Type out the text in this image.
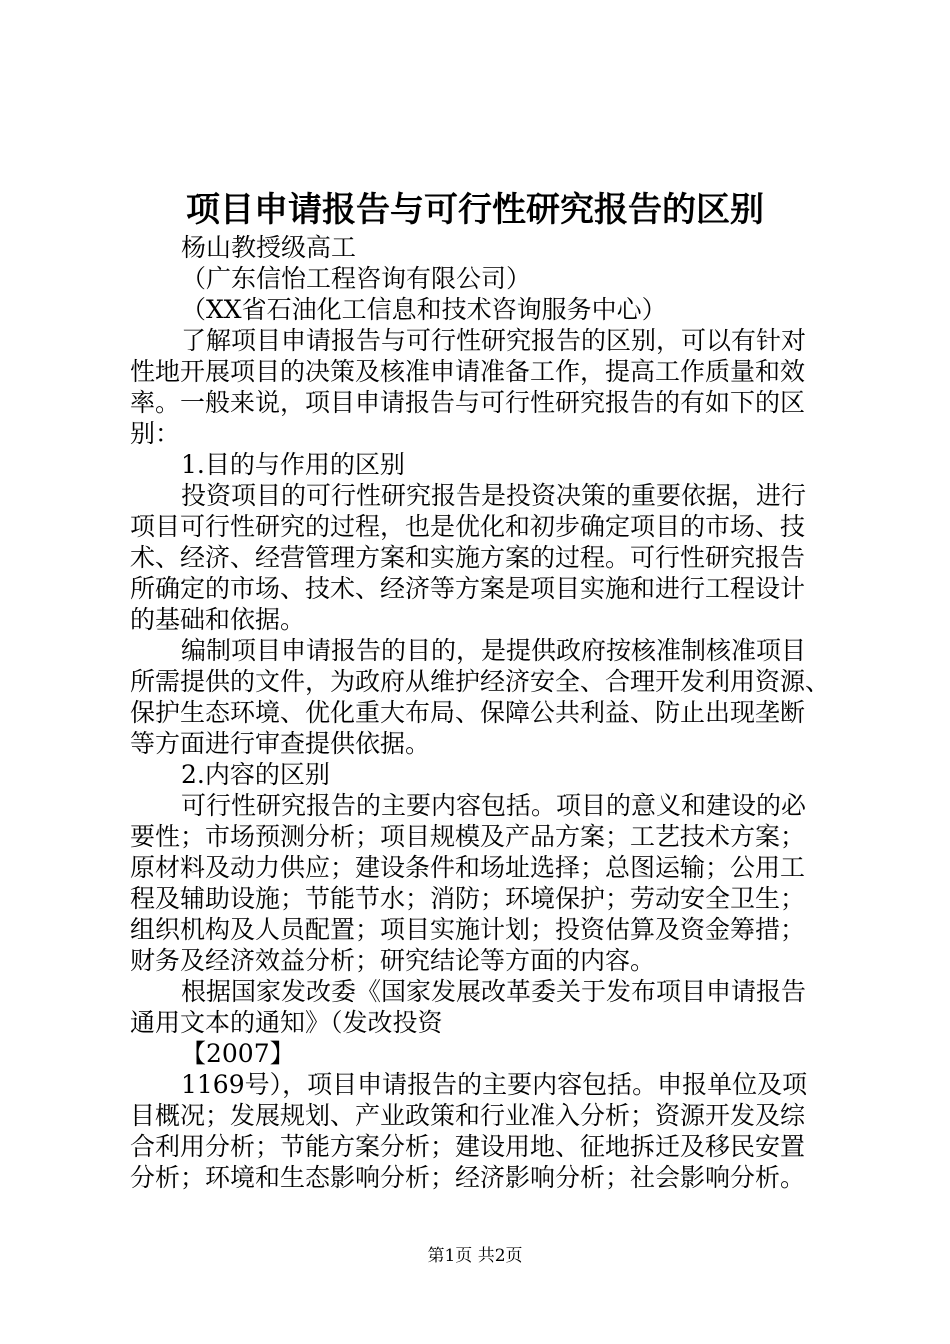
项目申请报告与可行性研究报告的区别
杨山教授级高工
（广东信怡工程咨询有限公司）
（XX省石油化工信息和技术咨询服务中心）
了解项目申请报告与可行性研究报告的区别，可以有针对
性地开展项目的决策及核准申请准备工作，提高工作质量和效
率。一般来说，项目申请报告与可行性研究报告的有如下的区
别：
1.目的与作用的区别
投资项目的可行性研究报告是投资决策的重要依据，进行
项目可行性研究的过程，也是优化和初步确定项目的市场、技
术、经济、经营管理方案和实施方案的过程。可行性研究报告
所确定的市场、技术、经济等方案是项目实施和进行工程设计
的基础和依据。
编制项目申请报告的目的，是提供政府按核准制核准项目
所需提供的文件，为政府从维护经济安全、合理开发利用资源、
保护生态环境、优化重大布局、保障公共利益、防止出现垄断
等方面进行审查提供依据。
2.内容的区别
可行性研究报告的主要内容包括。项目的意义和建设的必
要性；市场预测分析；项目规模及产品方案；工艺技术方案；
原材料及动力供应；建设条件和场址选择；总图运输；公用工
程及辅助设施；节能节水；消防；环境保护；劳动安全卫生；
组织机构及人员配置；项目实施计划；投资估算及资金筹措；
财务及经济效益分析；研究结论等方面的内容。
根据国家发改委《国家发展改革委关于发布项目申请报告
通用文本的通知》（发改投资
【2007】
1169号），项目申请报告的主要内容包括。申报单位及项
目概况；发展规划、产业政策和行业准入分析；资源开发及综
合利用分析；节能方案分析；建设用地、征地拆迁及移民安置
分析；环境和生态影响分析；经济影响分析；社会影响分析。
第1页 共2页
